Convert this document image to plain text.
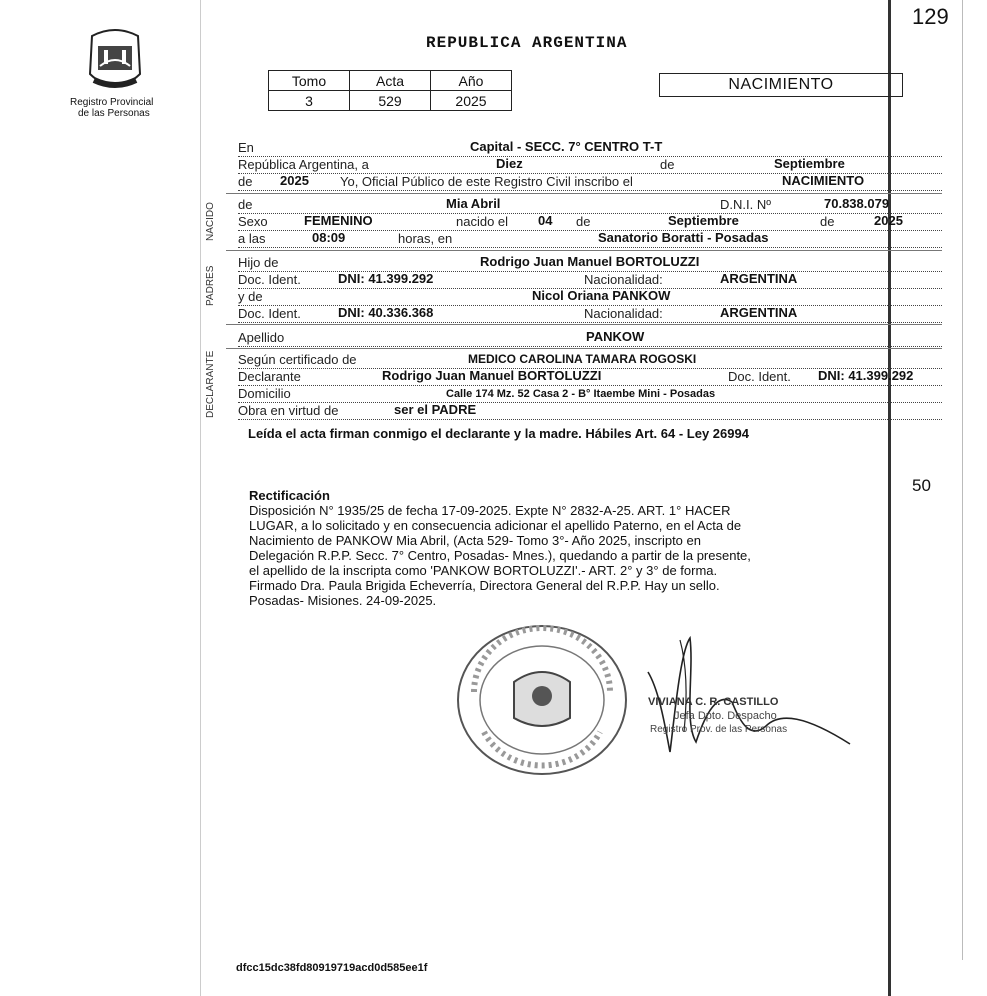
129
Registro Provincial
de las Personas
REPUBLICA ARGENTINA
Tomo	Acta	Año
3	529	2025
NACIMIENTO
En	Capital - SECC. 7° CENTRO T-T
República Argentina, a	Diez	de	Septiembre
de 2025 Yo, Oficial Público de este Registro Civil inscribo el	NACIMIENTO
NACIDO	de	Mia Abril	D.N.I. Nº	70.838.079
Sexo	FEMENINO	nacido el 04 de	Septiembre	de	2025
a las	08:09	horas, en	Sanatorio Boratti - Posadas
PADRES
Hijo de	Rodrigo Juan Manuel BORTOLUZZI
Doc. Ident.	DNI: 41.399.292	Nacionalidad:	ARGENTINA
y de	Nicol Oriana PANKOW
Doc. Ident.	DNI: 40.336.368	Nacionalidad:	ARGENTINA
Apellido	PANKOW
DECLARANTE	Según certificado de	MEDICO CAROLINA TAMARA ROGOSKI
Declarante	Rodrigo Juan Manuel BORTOLUZZI	Doc. Ident. DNI: 41.399.292
Domicilio	Calle 174 Mz. 52 Casa 2 - B° Itaembe Mini - Posadas
Obra en virtud de	ser el PADRE
Leída el acta firman conmigo el declarante y la madre. Hábiles Art. 64 - Ley 26994
50
Rectificación
Disposición N° 1935/25 de fecha 17-09-2025. Expte N° 2832-A-25. ART. 1° HACER
LUGAR, a lo solicitado y en consecuencia adicionar el apellido Paterno, en el Acta de
Nacimiento de PANKOW Mia Abril, (Acta 529- Tomo 3°- Año 2025, inscripto en
Delegación R.P.P. Secc. 7° Centro, Posadas- Mnes.), quedando a partir de la presente,
el apellido de la inscripta como 'PANKOW BORTOLUZZI'.- ART. 2° y 3° de forma.
Firmado Dra. Paula Brigida Echeverría, Directora General del R.P.P. Hay un sello.
Posadas- Misiones. 24-09-2025.
VIVIANA C. R. CASTILLO
Jefa Dpto. Despacho
Registro Prov. de las Personas
dfcc15dc38fd80919719acd0d585ee1f
